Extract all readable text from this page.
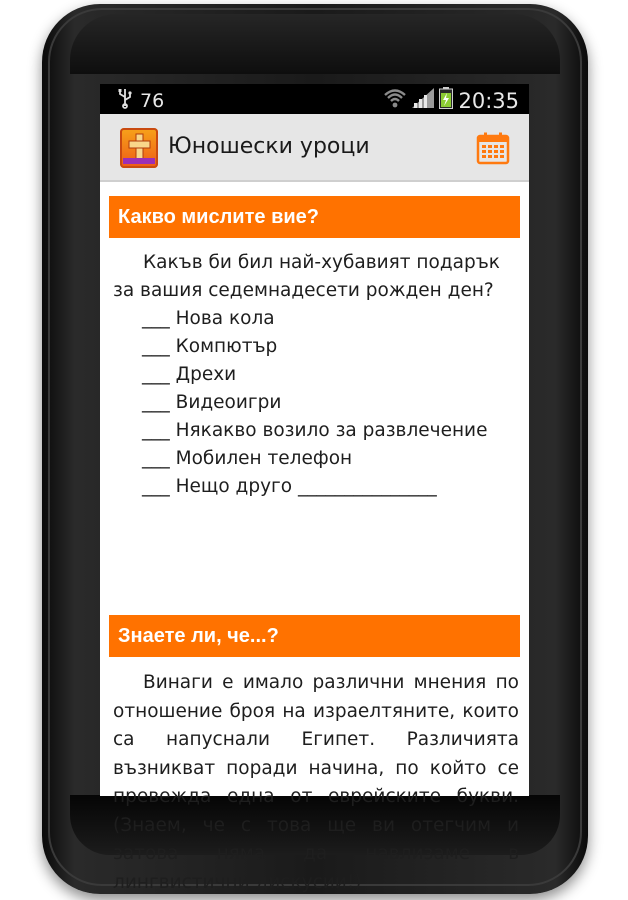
76	20:35
Юношески уроци
Какво мислите вие?
Какъв би бил най-хубавият подарък
за вашия седемнадесети рожден ден?
___ Нова кола
___ Компютър
___ Дрехи
___ Видеоигри
___ Някакво возило за развлечение
___ Мобилен телефон
___ Нещо друго _______________
Знаете ли, че...?
Винаги е имало различни мнения по отношение броя на израелтяните, които са напуснали Египет. Различията възникват поради начина, по който се превежда една от еврейските букви. (Знаем, че с това ще ви отегчим и затова няма да навлизаме в лингвистични дискусии!)
